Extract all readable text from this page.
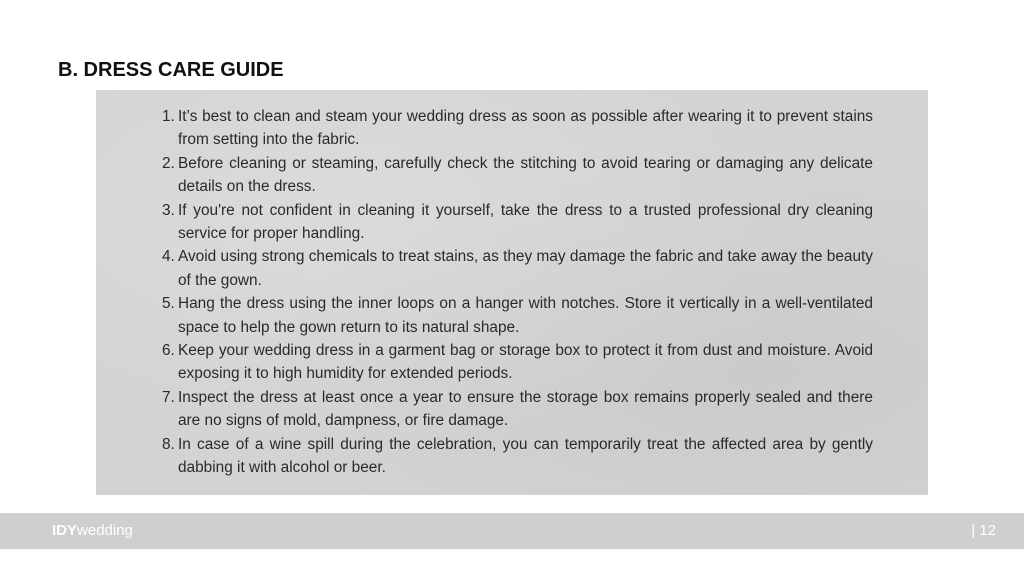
B. DRESS CARE GUIDE
1. It’s best to clean and steam your wedding dress as soon as possible after wearing it to prevent stains from setting into the fabric.
2. Before cleaning or steaming, carefully check the stitching to avoid tearing or damaging any delicate details on the dress.
3. If you're not confident in cleaning it yourself, take the dress to a trusted professional dry cleaning service for proper handling.
4. Avoid using strong chemicals to treat stains, as they may damage the fabric and take away the beauty of the gown.
5. Hang the dress using the inner loops on a hanger with notches. Store it vertically in a well-ventilated space to help the gown return to its natural shape.
6. Keep your wedding dress in a garment bag or storage box to protect it from dust and moisture. Avoid exposing it to high humidity for extended periods.
7. Inspect the dress at least once a year to ensure the storage box remains properly sealed and there are no signs of mold, dampness, or fire damage.
8. In case of a wine spill during the celebration, you can temporarily treat the affected area by gently dabbing it with alcohol or beer.
IDYwedding	| 12
